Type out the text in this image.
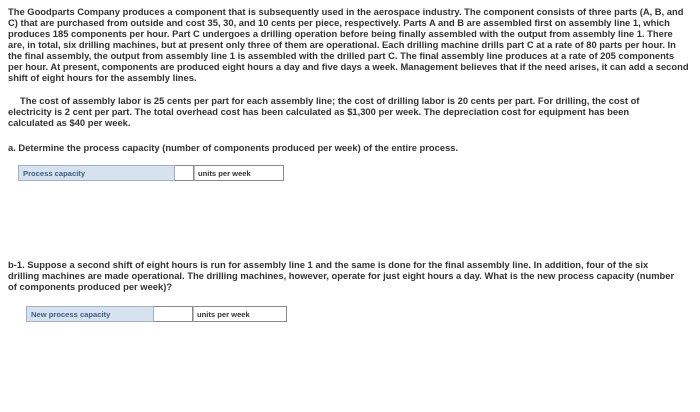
The Goodparts Company produces a component that is subsequently used in the aerospace industry. The component consists of three parts (A, B, and C) that are purchased from outside and cost 35, 30, and 10 cents per piece, respectively. Parts A and B are assembled first on assembly line 1, which produces 185 components per hour. Part C undergoes a drilling operation before being finally assembled with the output from assembly line 1. There are, in total, six drilling machines, but at present only three of them are operational. Each drilling machine drills part C at a rate of 80 parts per hour. In the final assembly, the output from assembly line 1 is assembled with the drilled part C. The final assembly line produces at a rate of 205 components per hour. At present, components are produced eight hours a day and five days a week. Management believes that if the need arises, it can add a second shift of eight hours for the assembly lines.

The cost of assembly labor is 25 cents per part for each assembly line; the cost of drilling labor is 20 cents per part. For drilling, the cost of electricity is 2 cent per part. The total overhead cost has been calculated as $1,300 per week. The depreciation cost for equipment has been calculated as $40 per week.

a. Determine the process capacity (number of components produced per week) of the entire process.

Process capacity	units per week

b-1. Suppose a second shift of eight hours is run for assembly line 1 and the same is done for the final assembly line. In addition, four of the six drilling machines are made operational. The drilling machines, however, operate for just eight hours a day. What is the new process capacity (number of components produced per week)?

New process capacity	units per week
